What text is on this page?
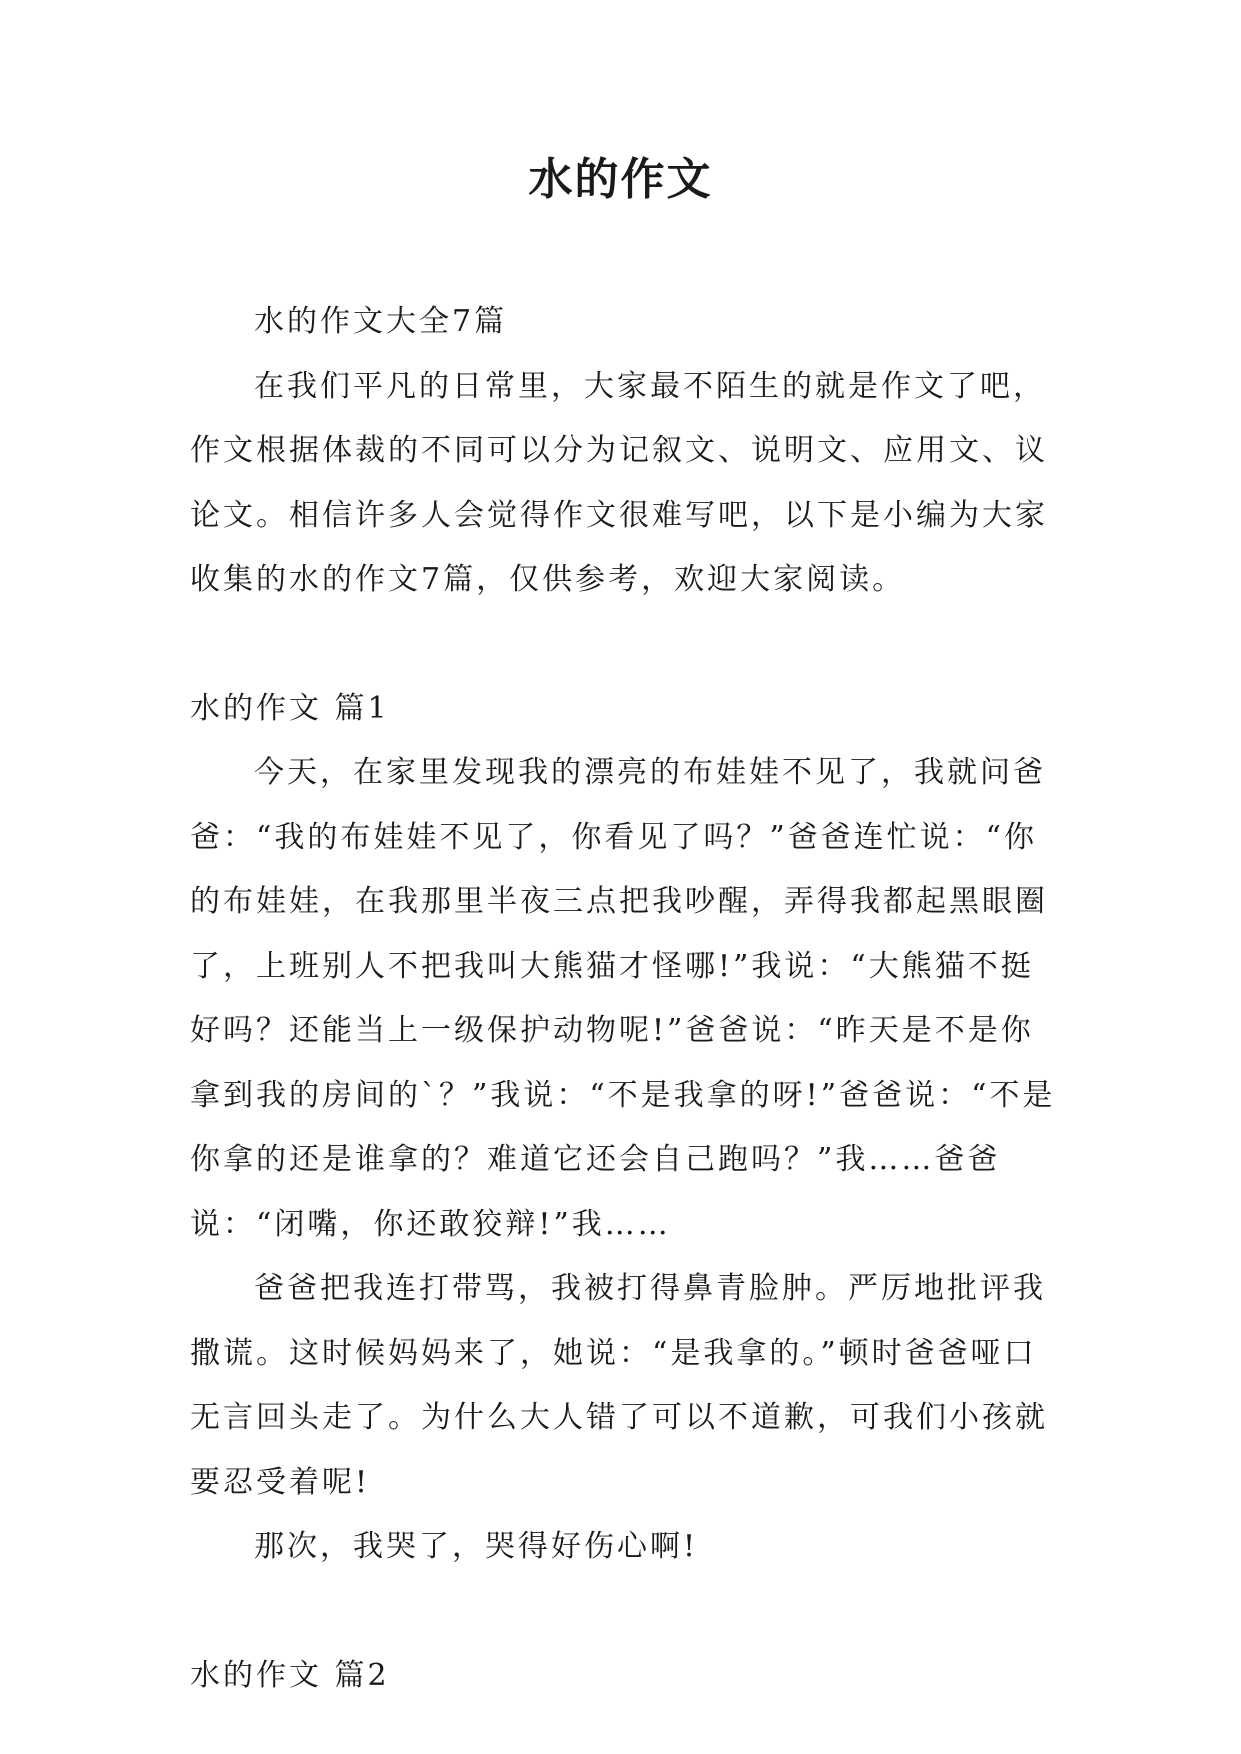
水的作文

水的作文大全7篇

在我们平凡的日常里，大家最不陌生的就是作文了吧，作文根据体裁的不同可以分为记叙文、说明文、应用文、议论文。相信许多人会觉得作文很难写吧，以下是小编为大家收集的水的作文7篇，仅供参考，欢迎大家阅读。

水的作文 篇1

今天，在家里发现我的漂亮的布娃娃不见了，我就问爸爸：“我的布娃娃不见了，你看见了吗？”爸爸连忙说：“你的布娃娃，在我那里半夜三点把我吵醒，弄得我都起黑眼圈了，上班别人不把我叫大熊猫才怪哪!”我说：“大熊猫不挺好吗？还能当上一级保护动物呢!”爸爸说：“昨天是不是你拿到我的房间的`？”我说：“不是我拿的呀!”爸爸说：“不是你拿的还是谁拿的？难道它还会自己跑吗？”我……爸爸说：“闭嘴，你还敢狡辩!”我……

爸爸把我连打带骂，我被打得鼻青脸肿。严厉地批评我撒谎。这时候妈妈来了，她说：“是我拿的。”顿时爸爸哑口无言回头走了。为什么大人错了可以不道歉，可我们小孩就要忍受着呢!

那次，我哭了，哭得好伤心啊!

水的作文 篇2
